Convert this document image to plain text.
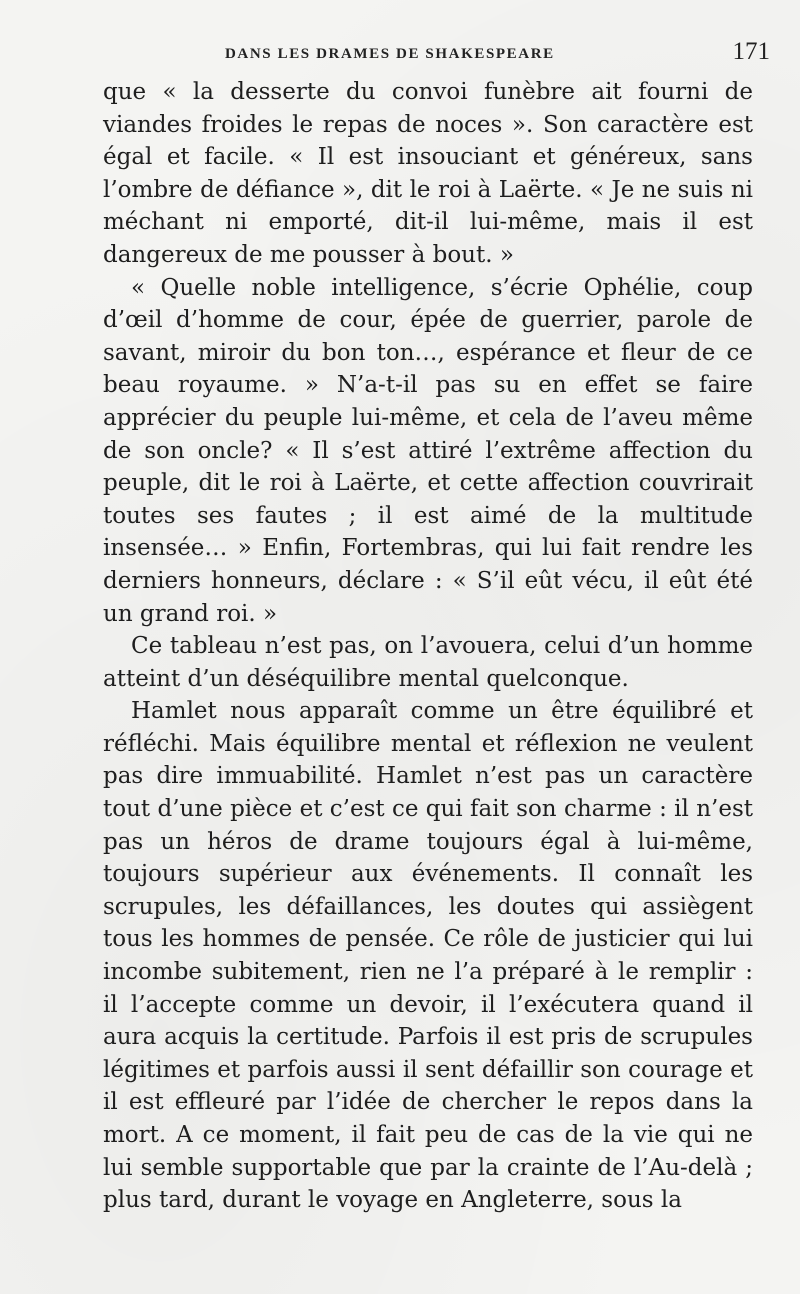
DANS LES DRAMES DE SHAKESPEARE	171

que « la desserte du convoi funèbre ait fourni de viandes froides le repas de noces ». Son caractère est égal et facile. « Il est insouciant et généreux, sans l’ombre de défiance », dit le roi à Laërte. « Je ne suis ni méchant ni emporté, dit-il lui-même, mais il est dangereux de me pousser à bout. »

« Quelle noble intelligence, s’écrie Ophélie, coup d’œil d’homme de cour, épée de guerrier, parole de savant, miroir du bon ton…, espérance et fleur de ce beau royaume. » N’a-t-il pas su en effet se faire apprécier du peuple lui-même, et cela de l’aveu même de son oncle? « Il s’est attiré l’extrême affection du peuple, dit le roi à Laërte, et cette affection couvrirait toutes ses fautes ; il est aimé de la multitude insensée… » Enfin, Fortembras, qui lui fait rendre les derniers honneurs, déclare : « S’il eût vécu, il eût été un grand roi. »

Ce tableau n’est pas, on l’avouera, celui d’un homme atteint d’un déséquilibre mental quelconque.

Hamlet nous apparaît comme un être équilibré et réfléchi. Mais équilibre mental et réflexion ne veulent pas dire immuabilité. Hamlet n’est pas un caractère tout d’une pièce et c’est ce qui fait son charme : il n’est pas un héros de drame toujours égal à lui-même, toujours supérieur aux événements. Il connaît les scrupules, les défaillances, les doutes qui assiègent tous les hommes de pensée. Ce rôle de justicier qui lui incombe subitement, rien ne l’a préparé à le remplir : il l’accepte comme un devoir, il l’exécutera quand il aura acquis la certitude. Parfois il est pris de scrupules légitimes et parfois aussi il sent défaillir son courage et il est effleuré par l’idée de chercher le repos dans la mort. A ce moment, il fait peu de cas de la vie qui ne lui semble supportable que par la crainte de l’Au-delà ; plus tard, durant le voyage en Angleterre, sous la
